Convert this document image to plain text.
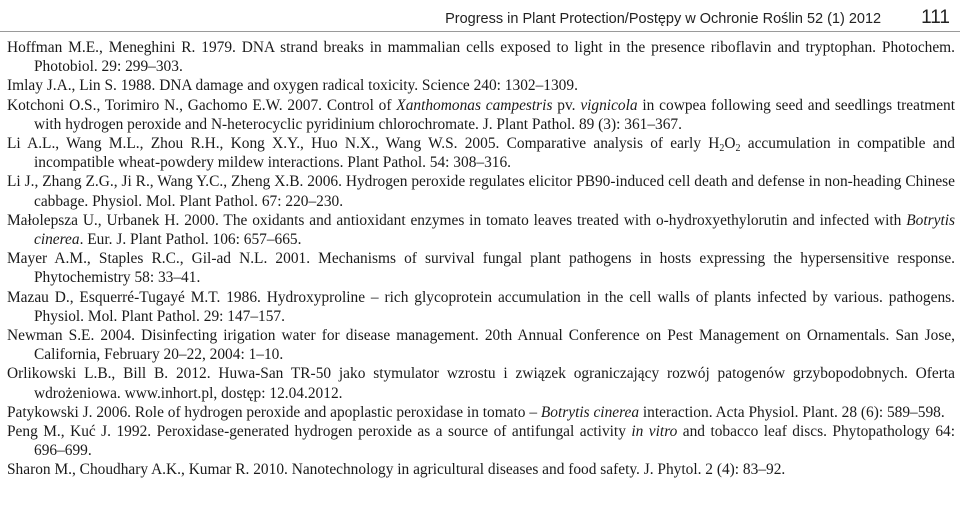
Progress in Plant Protection/Postępy w Ochronie Roślin 52 (1) 2012 111

Hoffman M.E., Meneghini R. 1979. DNA strand breaks in mammalian cells exposed to light in the presence riboflavin and tryptophan. Photochem. Photobiol. 29: 299–303.

Imlay J.A., Lin S. 1988. DNA damage and oxygen radical toxicity. Science 240: 1302–1309.

Kotchoni O.S., Torimiro N., Gachomo E.W. 2007. Control of Xanthomonas campestris pv. vignicola in cowpea following seed and seedlings treatment with hydrogen peroxide and N-heterocyclic pyridinium chlorochromate. J. Plant Pathol. 89 (3): 361–367.

Li A.L., Wang M.L., Zhou R.H., Kong X.Y., Huo N.X., Wang W.S. 2005. Comparative analysis of early $H_2O_2$ accumulation in compatible and incompatible wheat-powdery mildew interactions. Plant Pathol. 54: 308–316.

Li J., Zhang Z.G., Ji R., Wang Y.C., Zheng X.B. 2006. Hydrogen peroxide regulates elicitor PB90-induced cell death and defense in non-heading Chinese cabbage. Physiol. Mol. Plant Pathol. 67: 220–230.

Małolepsza U., Urbanek H. 2000. The oxidants and antioxidant enzymes in tomato leaves treated with o-hydroxyethylorutin and infected with Botrytis cinerea. Eur. J. Plant Pathol. 106: 657–665.

Mayer A.M., Staples R.C., Gil-ad N.L. 2001. Mechanisms of survival fungal plant pathogens in hosts expressing the hypersensitive response. Phytochemistry 58: 33–41.

Mazau D., Esquerré-Tugayé M.T. 1986. Hydroxyproline – rich glycoprotein accumulation in the cell walls of plants infected by various. pathogens. Physiol. Mol. Plant Pathol. 29: 147–157.

Newman S.E. 2004. Disinfecting irigation water for disease management. 20th Annual Conference on Pest Management on Ornamentals. San Jose, California, February 20–22, 2004: 1–10.

Orlikowski L.B., Bill B. 2012. Huwa-San TR-50 jako stymulator wzrostu i związek ograniczający rozwój patogenów grzybopodobnych. Oferta wdrożeniowa. www.inhort.pl, dostęp: 12.04.2012.

Patykowski J. 2006. Role of hydrogen peroxide and apoplastic peroxidase in tomato – Botrytis cinerea interaction. Acta Physiol. Plant. 28 (6): 589–598.

Peng M., Kuć J. 1992. Peroxidase-generated hydrogen peroxide as a source of antifungal activity in vitro and tobacco leaf discs. Phytopathology 64: 696–699.

Sharon M., Choudhary A.K., Kumar R. 2010. Nanotechnology in agricultural diseases and food safety. J. Phytol. 2 (4): 83–92.
